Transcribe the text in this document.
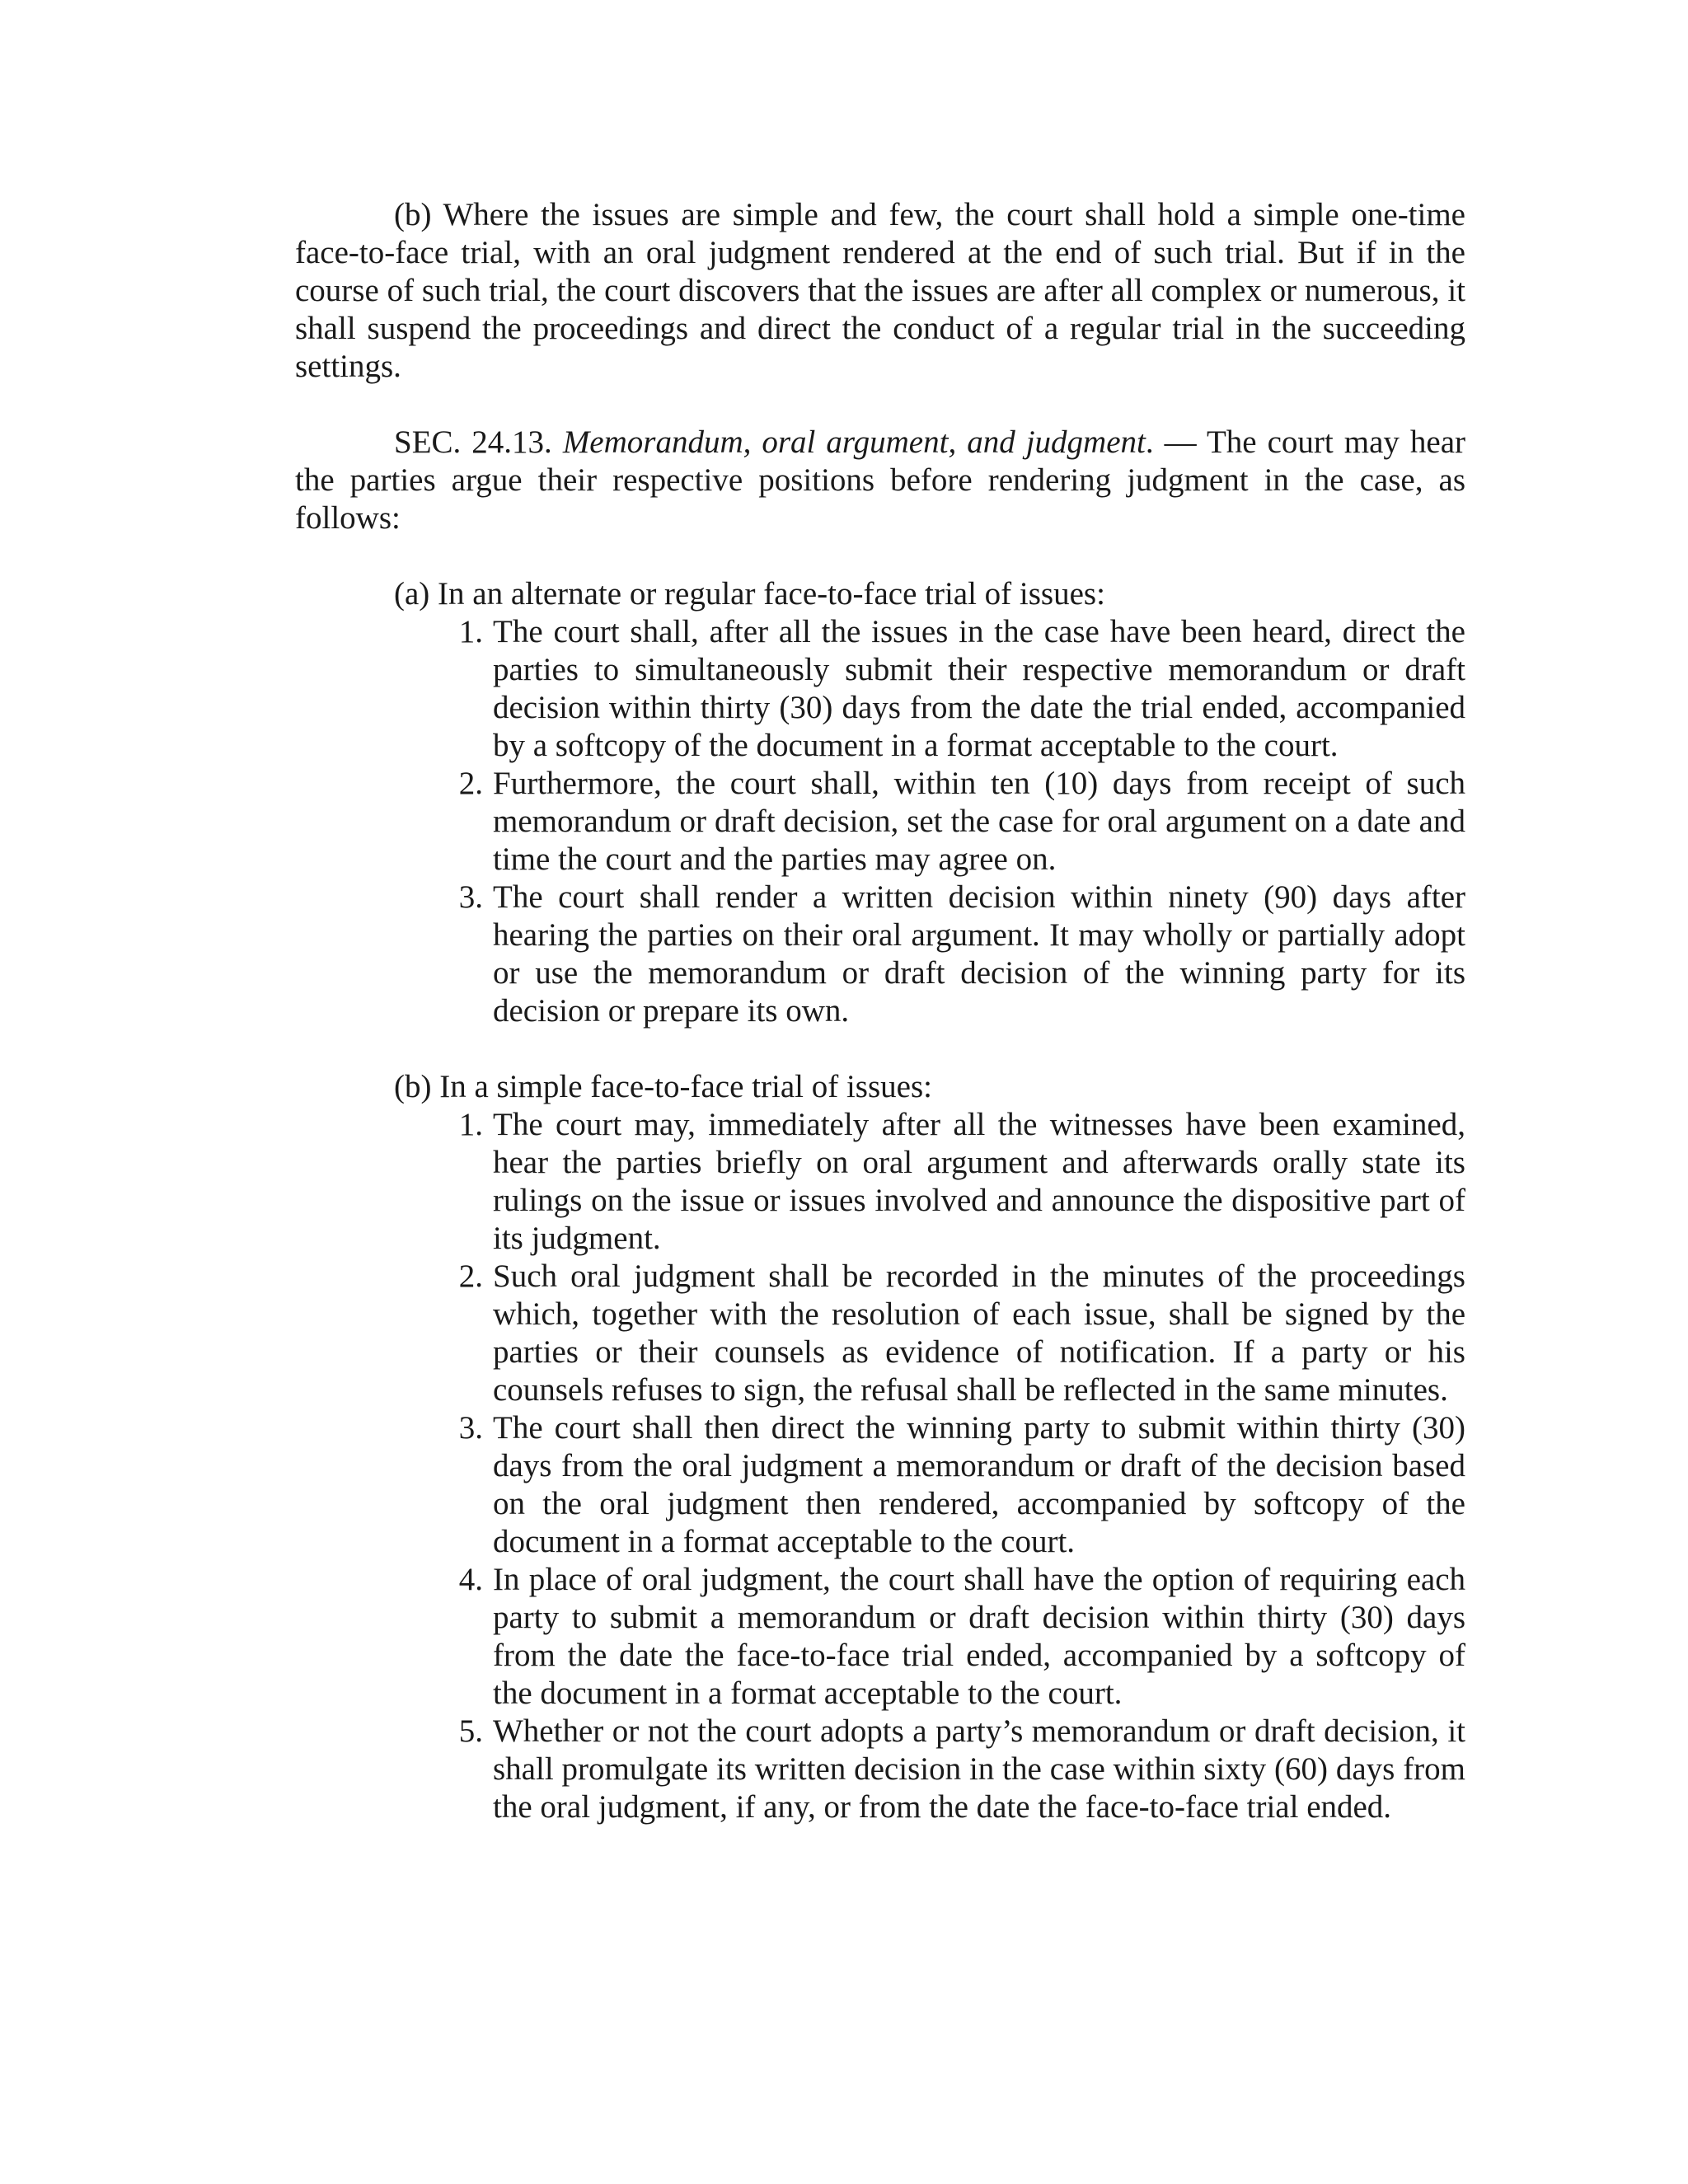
(b) Where the issues are simple and few, the court shall hold a simple one-time face-to-face trial, with an oral judgment rendered at the end of such trial. But if in the course of such trial, the court discovers that the issues are after all complex or numerous, it shall suspend the proceedings and direct the conduct of a regular trial in the succeeding settings.

SEC. 24.13. Memorandum, oral argument, and judgment. — The court may hear the parties argue their respective positions before rendering judgment in the case, as follows:

(a) In an alternate or regular face-to-face trial of issues:

1. The court shall, after all the issues in the case have been heard, direct the parties to simultaneously submit their respective memorandum or draft decision within thirty (30) days from the date the trial ended, accompanied by a softcopy of the document in a format acceptable to the court.
2. Furthermore, the court shall, within ten (10) days from receipt of such memorandum or draft decision, set the case for oral argument on a date and time the court and the parties may agree on.
3. The court shall render a written decision within ninety (90) days after hearing the parties on their oral argument. It may wholly or partially adopt or use the memorandum or draft decision of the winning party for its decision or prepare its own.

(b) In a simple face-to-face trial of issues:

1. The court may, immediately after all the witnesses have been examined, hear the parties briefly on oral argument and afterwards orally state its rulings on the issue or issues involved and announce the dispositive part of its judgment.
2. Such oral judgment shall be recorded in the minutes of the proceedings which, together with the resolution of each issue, shall be signed by the parties or their counsels as evidence of notification. If a party or his counsels refuses to sign, the refusal shall be reflected in the same minutes.
3. The court shall then direct the winning party to submit within thirty (30) days from the oral judgment a memorandum or draft of the decision based on the oral judgment then rendered, accompanied by softcopy of the document in a format acceptable to the court.
4. In place of oral judgment, the court shall have the option of requiring each party to submit a memorandum or draft decision within thirty (30) days from the date the face-to-face trial ended, accompanied by a softcopy of the document in a format acceptable to the court.
5. Whether or not the court adopts a party’s memorandum or draft decision, it shall promulgate its written decision in the case within sixty (60) days from the oral judgment, if any, or from the date the face-to-face trial ended.
